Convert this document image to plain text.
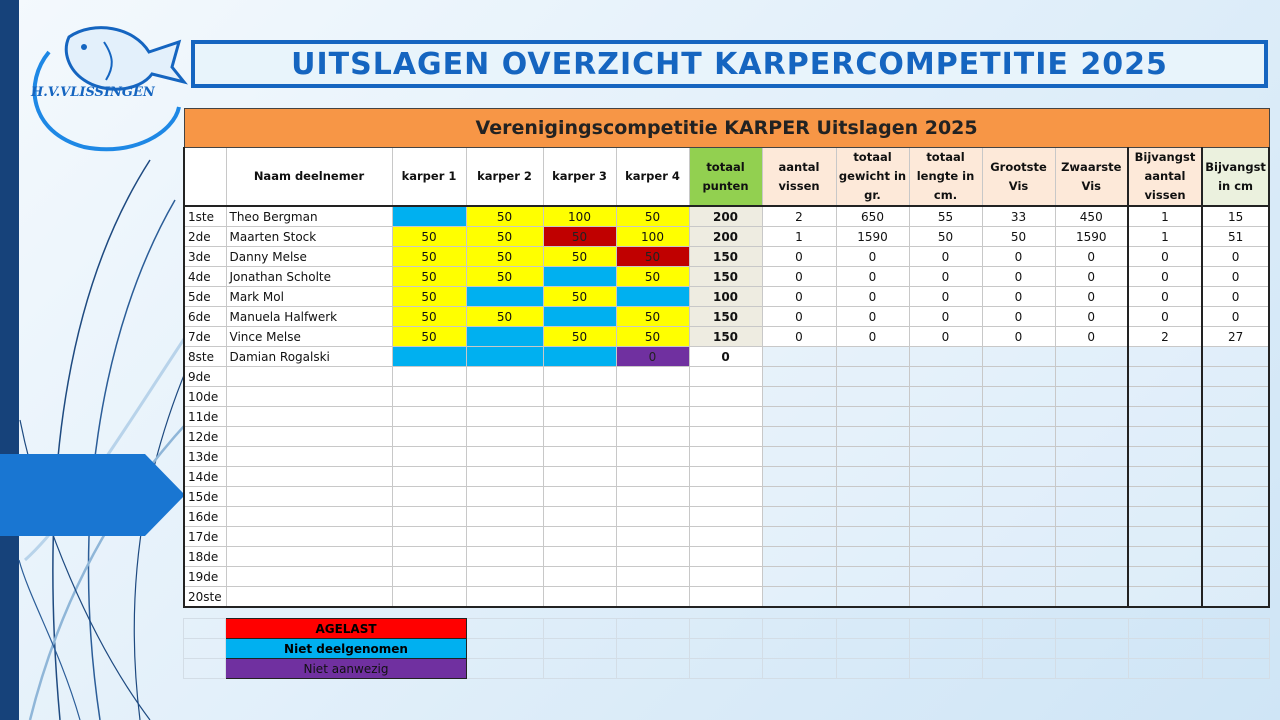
H.V.VLISSINGEN
UITSLAGEN OVERZICHT KARPERCOMPETITIE 2025
Verenigingscompetitie KARPER Uitslagen 2025													
	Naam deelnemer	karper 1	karper 2	karper 3	karper 4	totaal punten	aantal vissen	totaal gewicht in gr.	totaal lengte in cm.	Grootste Vis	Zwaarste Vis	Bijvangst aantal vissen	Bijvangst in cm
1ste	Theo Bergman		50	100	50	200	2	650	55	33	450	1	15
2de	Maarten Stock	50	50	50	100	200	1	1590	50	50	1590	1	51
3de	Danny Melse	50	50	50	50	150	0	0	0	0	0	0	0
4de	Jonathan Scholte	50	50		50	150	0	0	0	0	0	0	0
5de	Mark Mol	50		50		100	0	0	0	0	0	0	0
6de	Manuela Halfwerk	50	50		50	150	0	0	0	0	0	0	0
7de	Vince Melse	50		50	50	150	0	0	0	0	0	2	27
8ste	Damian Rogalski				0	0							
9de													
10de													
11de													
12de													
13de													
14de													
15de													
16de													
17de													
18de													
19de													
20ste													
	AGELAST											
	Niet deelgenomen											
	Niet aanwezig											
